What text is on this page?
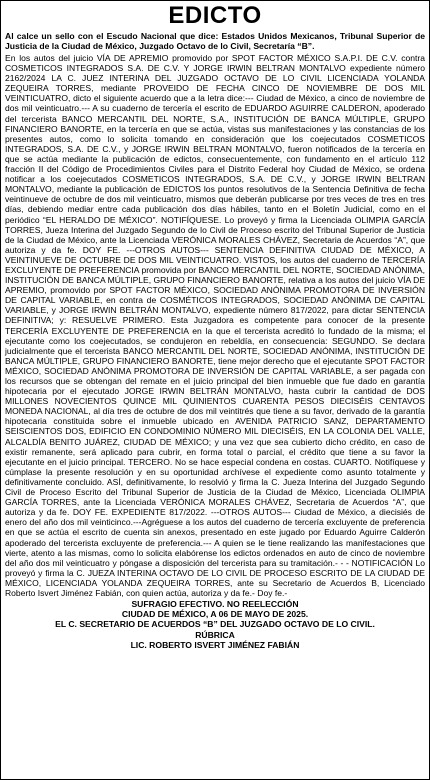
EDICTO

Al calce un sello con el Escudo Nacional que dice: Estados Unidos Mexicanos, Tribunal Superior de Justicia de la Ciudad de México, Juzgado Octavo de lo Civil, Secretaría “B”.

En los autos del juicio VÍA DE APREMIO promovido por SPOT FACTOR MÉXICO S.A.P.I. DE C.V. contra COSMETICOS INTEGRADOS S.A. DE C.V. Y JORGE IRWIN BELTRAN MONTALVO expediente número 2162/2024 LA C. JUEZ INTERINA DEL JUZGADO OCTAVO DE LO CIVIL LICENCIADA YOLANDA ZEQUEIRA TORRES, mediante PROVEIDO DE FECHA CINCO DE NOVIEMBRE DE DOS MIL VEINTICUATRO, dicto el siguiente acuerdo que a la letra dice:--- Ciudad de México, a cinco de noviembre de dos mil veinticuatro.--- A su cuaderno de tercería el escrito de EDUARDO AGUIRRE CALDERON, apoderado del tercerista BANCO MERCANTIL DEL NORTE, S.A., INSTITUCIÓN DE BANCA MÚLTIPLE, GRUPO FINANCIERO BANORTE, en la tercería en que se actúa, vistas sus manifestaciones y las constancias de los presentes autos, como lo solicita tomando en consideración que los coejecutados COSMETICOS INTEGRADOS, S.A. DE C.V., y JORGE IRWIN BELTRAN MONTALVO, fueron notificados de la tercería en que se actúa mediante la publicación de edictos, consecuentemente, con fundamento en el artículo 112 fracción II del Código de Procedimientos Civiles para el Distrito Federal hoy Ciudad de México, se ordena notificar a los coejecutados COSMETICOS INTEGRADOS, S.A. DE C.V., y JORGE IRWIN BELTRAN MONTALVO, mediante la publicación de EDICTOS los puntos resolutivos de la Sentencia Definitiva de fecha veintinueve de octubre de dos mil veinticuatro, mismos que deberán publicarse por tres veces de tres en tres días, debiendo mediar entre cada publicación dos días hábiles, tanto en el Boletín Judicial, como en el periódico “EL HERALDO DE MÉXICO”. NOTIFÍQUESE. Lo proveyó y firma la Licenciada OLIMPIA GARCÍA TORRES, Jueza Interina del Juzgado Segundo de lo Civil de Proceso escrito del Tribunal Superior de Justicia de la Ciudad de México, ante la Licenciada VERÓNICA MORALES CHÁVEZ, Secretaria de Acuerdos “A”, que autoriza y da fe. DOY FE. ---OTROS AUTOS--- SENTENCIA DEFINITIVA CIUDAD DE MÉXICO, A VEINTINUEVE DE OCTUBRE DE DOS MIL VEINTICUATRO. VISTOS, los autos del cuaderno de TERCERÍA EXCLUYENTE DE PREFERENCIA promovida por BANCO MERCANTIL DEL NORTE, SOCIEDAD ANÓNIMA, INSTITUCIÓN DE BANCA MÚLTIPLE, GRUPO FINANCIERO BANORTE, relativa a los autos del juicio VÍA DE APREMIO, promovido por SPOT FACTOR MÉXICO, SOCIEDAD ANÓNIMA PROMOTORA DE INVERSIÓN DE CAPITAL VARIABLE, en contra de COSMÉTICOS INTEGRADOS, SOCIEDAD ANÓNIMA DE CAPITAL VARIABLE, y JORGE IRWIN BELTRÁN MONTALVO, expediente número 817/2022, para dictar SENTENCIA DEFINITIVA; y: RESUELVE PRIMERO. Esta Juzgadora es competente para conocer de la presente TERCERÍA EXCLUYENTE DE PREFERENCIA en la que el tercerista acreditó lo fundado de la misma; el ejecutante como los coejecutados, se condujeron en rebeldía, en consecuencia: SEGUNDO. Se declara judicialmente que el tercerista BANCO MERCANTIL DEL NORTE, SOCIEDAD ANÓNIMA, INSTITUCIÓN DE BANCA MÚLTIPLE, GRUPO FINANCIERO BANORTE, tiene mejor derecho que el ejecutante SPOT FACTOR MÉXICO, SOCIEDAD ANÓNIMA PROMOTORA DE INVERSIÓN DE CAPITAL VARIABLE, a ser pagada con los recursos que se obtengan del remate en el juicio principal del bien inmueble que fue dado en garantía hipotecaria por el ejecutado JORGE IRWIN BELTRÁN MONTALVO, hasta cubrir la cantidad de DOS MILLONES NOVECIENTOS QUINCE MIL QUINIENTOS CUARENTA PESOS DIECISÉIS CENTAVOS MONEDA NACIONAL, al día tres de octubre de dos mil veintitrés que tiene a su favor, derivado de la garantía hipotecaria constituida sobre el inmueble ubicado en AVENIDA PATRICIO SANZ, DEPARTAMENTO SEISCIENTOS DOS, EDIFICIO EN CONDOMINIO NÚMERO MIL DIECISÉIS, EN LA COLONIA DEL VALLE, ALCALDÍA BENITO JUÁREZ, CIUDAD DE MÉXICO; y una vez que sea cubierto dicho crédito, en caso de existir remanente, será aplicado para cubrir, en forma total o parcial, el crédito que tiene a su favor la ejecutante en el juicio principal. TERCERO. No se hace especial condena en costas. CUARTO. Notifíquese y cúmplase la presente resolución y en su oportunidad archívese el expediente como asunto totalmente y definitivamente concluido. ASÍ, definitivamente, lo resolvió y firma la C. Jueza Interina del Juzgado Segundo Civil de Proceso Escrito del Tribunal Superior de Justicia de la Ciudad de México, Licenciada OLIMPIA GARCÍA TORRES, ante la Licenciada VERÓNICA MORALES CHÁVEZ, Secretaria de Acuerdos “A”, que autoriza y da fe. DOY FE. EXPEDIENTE 817/2022. ---OTROS AUTOS--- Ciudad de México, a diecisiés de enero del año dos mil veinticinco.---Agréguese a los autos del cuaderno de tercería excluyente de preferencia en que se actúa el escrito de cuenta sin anexos, presentado en este jugado por Eduardo Aguirre Calderón apoderado del tercerista excluyente de preferencia.--- A quien se le tiene realizando las manifestaciones que vierte, atento a las mismas, como lo solicita elabórense los edictos ordenados en auto de cinco de noviembre del año dos mil veinticuatro y póngase a disposición del tercerista para su tramitación.- - - NOTIFICACIÓN Lo proveyó y firma la C. JUEZA INTERINA OCTAVO DE LO CIVIL DE PROCESO ESCRITO DE LA CIUDAD DE MÉXICO, LICENCIADA YOLANDA ZEQUEIRA TORRES, ante su Secretario de Acuerdos B, Licenciado Roberto Isvert Jiménez Fabián, con quien actúa, autoriza y da fe.- Doy fe.-

SUFRAGIO EFECTIVO. NO REELECCIÓN

CIUDAD DE MÉXICO, A 06 DE MAYO DE 2025.

EL C. SECRETARIO DE ACUERDOS “B” DEL JUZGADO OCTAVO DE LO CIVIL.

RÚBRICA

LIC. ROBERTO ISVERT JIMÉNEZ FABIÁN
